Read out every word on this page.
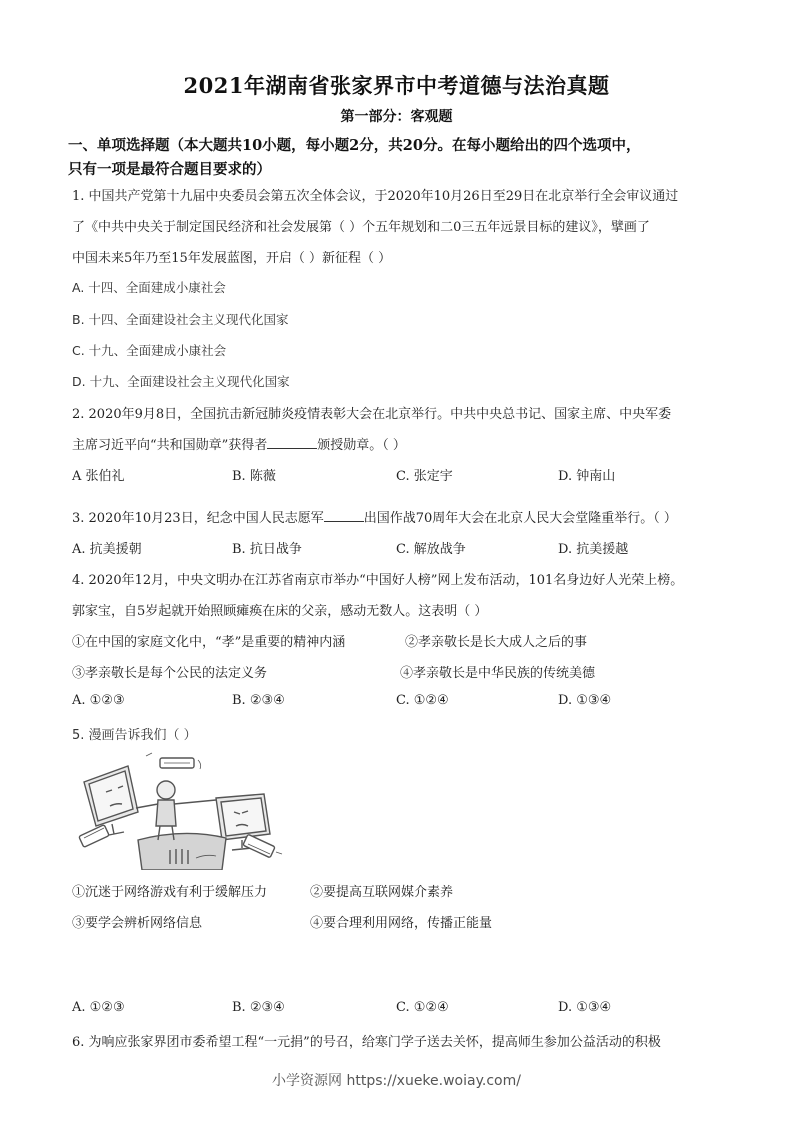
2021年湖南省张家界市中考道德与法治真题
第一部分：客观题
一、单项选择题（本大题共10小题，每小题2分，共20分。在每小题给出的四个选项中，
只有一项是最符合题目要求的）
1. 中国共产党第十九届中央委员会第五次全体会议，于2020年10月26日至29日在北京举行全会审议通过
了《中共中央关于制定国民经济和社会发展第（ ）个五年规划和二0三五年远景目标的建议》，擘画了
中国未来5年乃至15年发展蓝图，开启（ ）新征程（ ）
A. 十四、全面建成小康社会
B. 十四、全面建设社会主义现代化国家
C. 十九、全面建成小康社会
D. 十九、全面建设社会主义现代化国家
2. 2020年9月8日，全国抗击新冠肺炎疫情表彰大会在北京举行。中共中央总书记、国家主席、中央军委
主席习近平向“共和国勋章”获得者	颁授勋章。（ ）
A 张伯礼	B. 陈薇	C. 张定宇	D. 钟南山
3. 2020年10月23日，纪念中国人民志愿军	出国作战70周年大会在北京人民大会堂隆重举行。（ ）
A. 抗美援朝	B. 抗日战争	C. 解放战争	D. 抗美援越
4. 2020年12月，中央文明办在江苏省南京市举办“中国好人榜”网上发布活动，101名身边好人光荣上榜。
郭家宝，自5岁起就开始照顾瘫痪在床的父亲，感动无数人。这表明（ ）
①在中国的家庭文化中，“孝”是重要的精神内涵	②孝亲敬长是长大成人之后的事
③孝亲敬长是每个公民的法定义务	④孝亲敬长是中华民族的传统美德
A. ①②③	B. ②③④	C. ①②④	D. ①③④
5. 漫画告诉我们（ ）
①沉迷于网络游戏有利于缓解压力	②要提高互联网媒介素养
③要学会辨析网络信息	④要合理利用网络，传播正能量
A. ①②③	B. ②③④	C. ①②④	D. ①③④
6. 为响应张家界团市委希望工程“一元捐”的号召，给寒门学子送去关怀，提高师生参加公益活动的积极
小学资源网 https://xueke.woiay.com/
